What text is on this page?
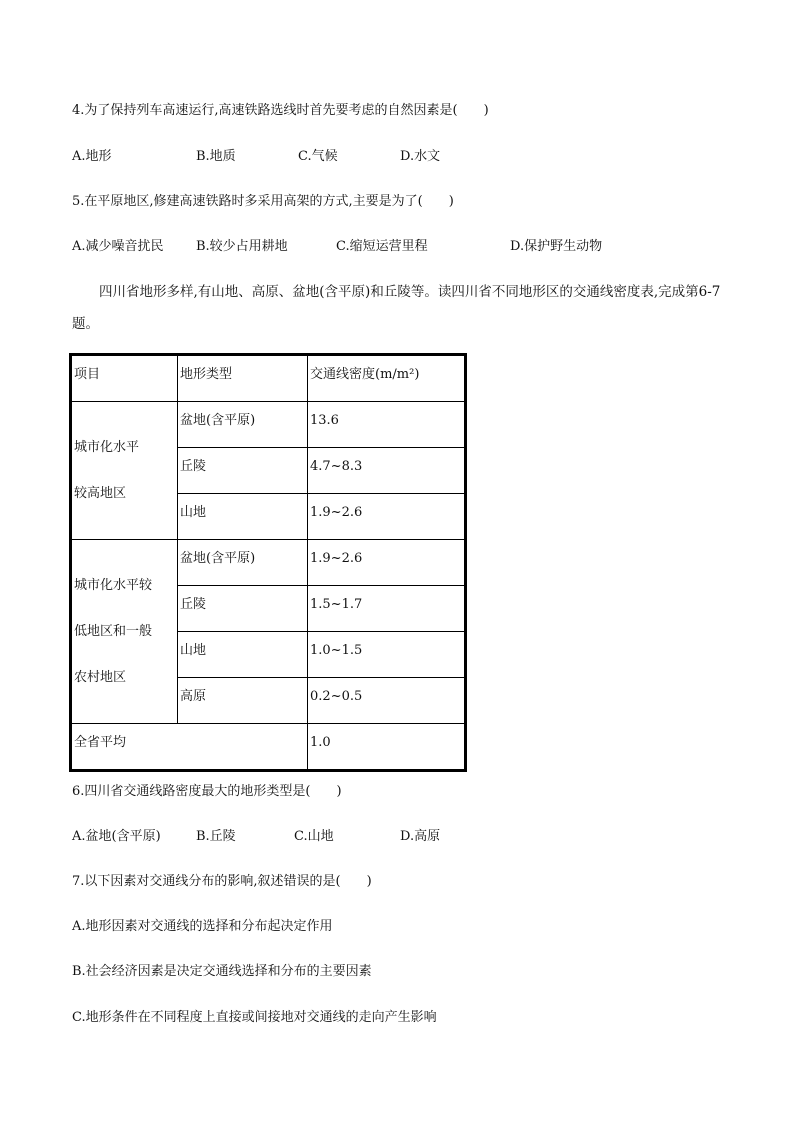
4.为了保持列车高速运行,高速铁路选线时首先要考虑的自然因素是(　　)
A.地形	B.地质	C.气候	D.水文
5.在平原地区,修建高速铁路时多采用高架的方式,主要是为了(　　)
A.减少噪音扰民 B.较少占用耕地	C.缩短运营里程	D.保护野生动物
四川省地形多样,有山地、高原、盆地(含平原)和丘陵等。读四川省不同地形区的交通线密度表,完成第6-7题。
项目	地形类型	交通线密度(m/m²)

城市化水平
较高地区	盆地(含平原)	13.6

	丘陵	4.7~8.3

	山地	1.9~2.6

城市化水平较
低地区和一般
农村地区	盆地(含平原)	1.9~2.6

	丘陵	1.5~1.7

	山地	1.0~1.5

	高原	0.2~0.5

全省平均		1.0
6.四川省交通线路密度最大的地形类型是(　　)
A.盆地(含平原)	B.丘陵	C.山地	D.高原
7.以下因素对交通线分布的影响,叙述错误的是(　　)
A.地形因素对交通线的选择和分布起决定作用
B.社会经济因素是决定交通线选择和分布的主要因素
C.地形条件在不同程度上直接或间接地对交通线的走向产生影响
